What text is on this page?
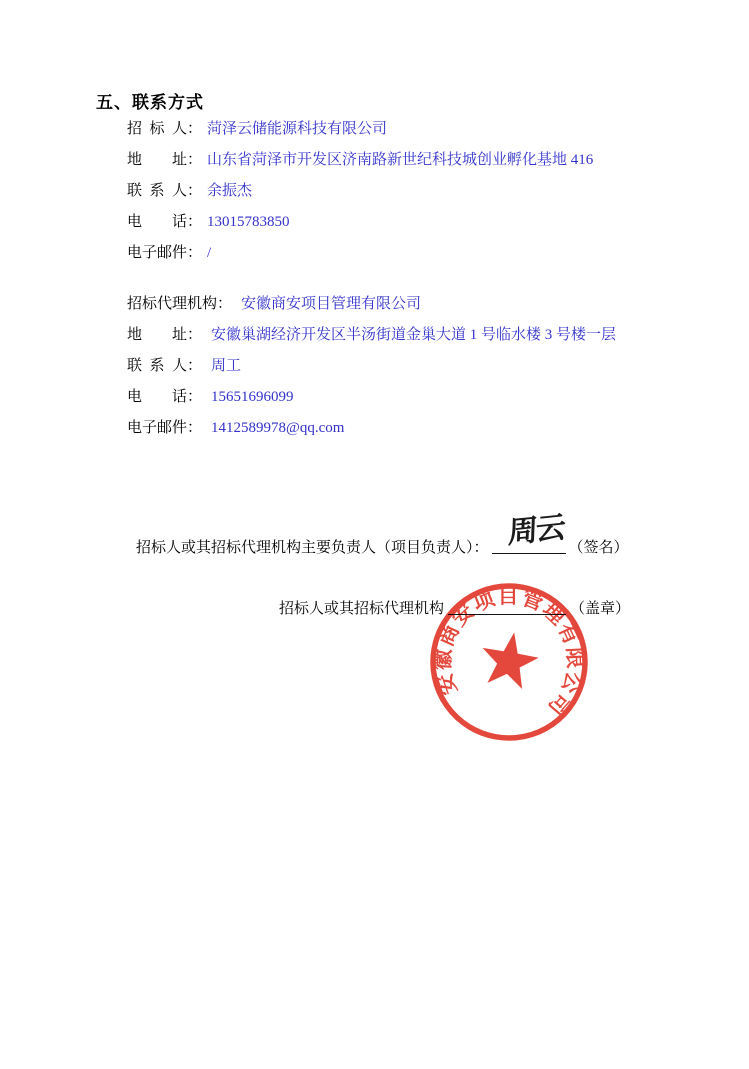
五、联系方式
招标人： 菏泽云储能源科技有限公司
地址： 山东省菏泽市开发区济南路新世纪科技城创业孵化基地 416
联系人： 余振杰
电话： 13015783850
电子邮件： /
招标代理机构： 安徽商安项目管理有限公司
地址： 安徽巢湖经济开发区半汤街道金巢大道 1 号临水楼 3 号楼一层
联系人： 周工
电话： 15651696099
电子邮件： 1412589978@qq.com
招标人或其招标代理机构主要负责人（项目负责人）：	（签名）
周云
招标人或其招标代理机构	（盖章）
安徽商安项目管理有限公司
